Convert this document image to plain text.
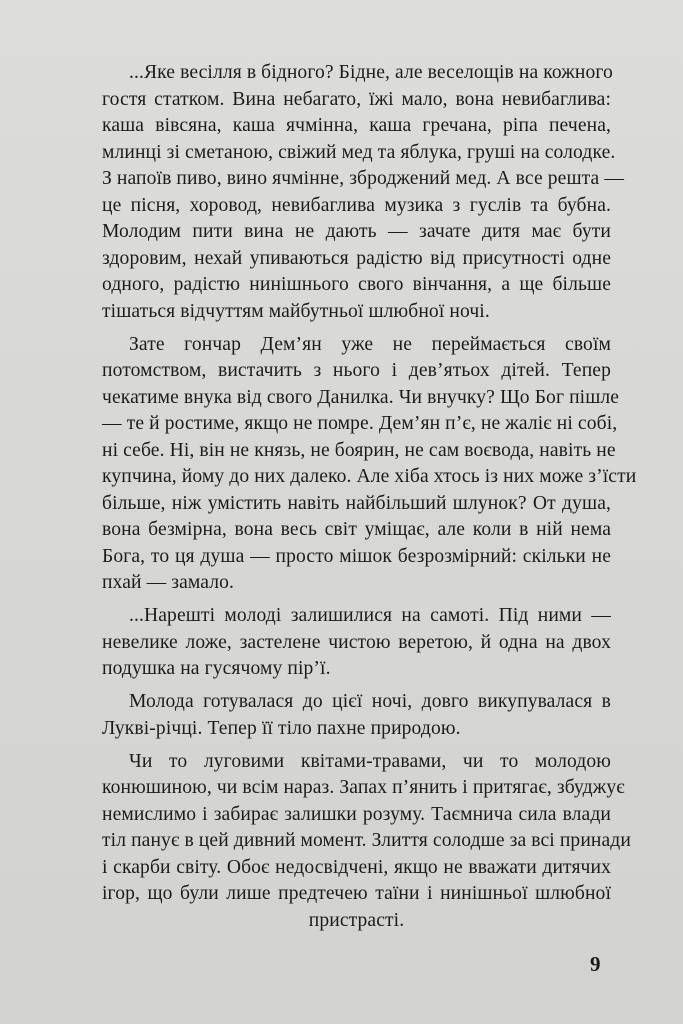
...Яке весілля в бідного? Бідне, але веселощів на кожного
гостя статком. Вина небагато, їжі мало, вона невибаглива:
каша вівсяна, каша ячмінна, каша гречана, ріпа печена,
млинці зі сметаною, свіжий мед та яблука, груші на солодке.
З напоїв пиво, вино ячмінне, зброджений мед. А все решта —
це пісня, хоровод, невибаглива музика з гуслів та бубна.
Молодим пити вина не дають — зачате дитя має бути
здоровим, нехай упиваються радістю від присутності одне
одного, радістю нинішнього свого вінчання, а ще більше
тішаться відчуттям майбутньої шлюбної ночі.
Зате гончар Дем’ян уже не переймається своїм
потомством, вистачить з нього і дев’ятьох дітей. Тепер
чекатиме внука від свого Данилка. Чи внучку? Що Бог пішле
— те й ростиме, якщо не помре. Дем’ян п’є, не жаліє ні собі,
ні себе. Ні, він не князь, не боярин, не сам воєвода, навіть не
купчина, йому до них далеко. Але хіба хтось із них може з’їсти
більше, ніж умістить навіть найбільший шлунок? От душа,
вона безмірна, вона весь світ уміщає, але коли в ній нема
Бога, то ця душа — просто мішок безрозмірний: скільки не
пхай — замало.
...Нарешті молоді залишилися на самоті. Під ними —
невелике ложе, застелене чистою веретою, й одна на двох
подушка на гусячому пір’ї.
Молода готувалася до цієї ночі, довго викупувалася в
Лукві-річці. Тепер її тіло пахне природою.
Чи то луговими квітами-травами, чи то молодою
конюшиною, чи всім нараз. Запах п’янить і притягає, збуджує
немислимо і забирає залишки розуму. Таємнича сила влади
тіл панує в цей дивний момент. Злиття солодше за всі принади
і скарби світу. Обоє недосвідчені, якщо не вважати дитячих
ігор, що були лише предтечею таїни і нинішньої шлюбної
пристрасті.
9
